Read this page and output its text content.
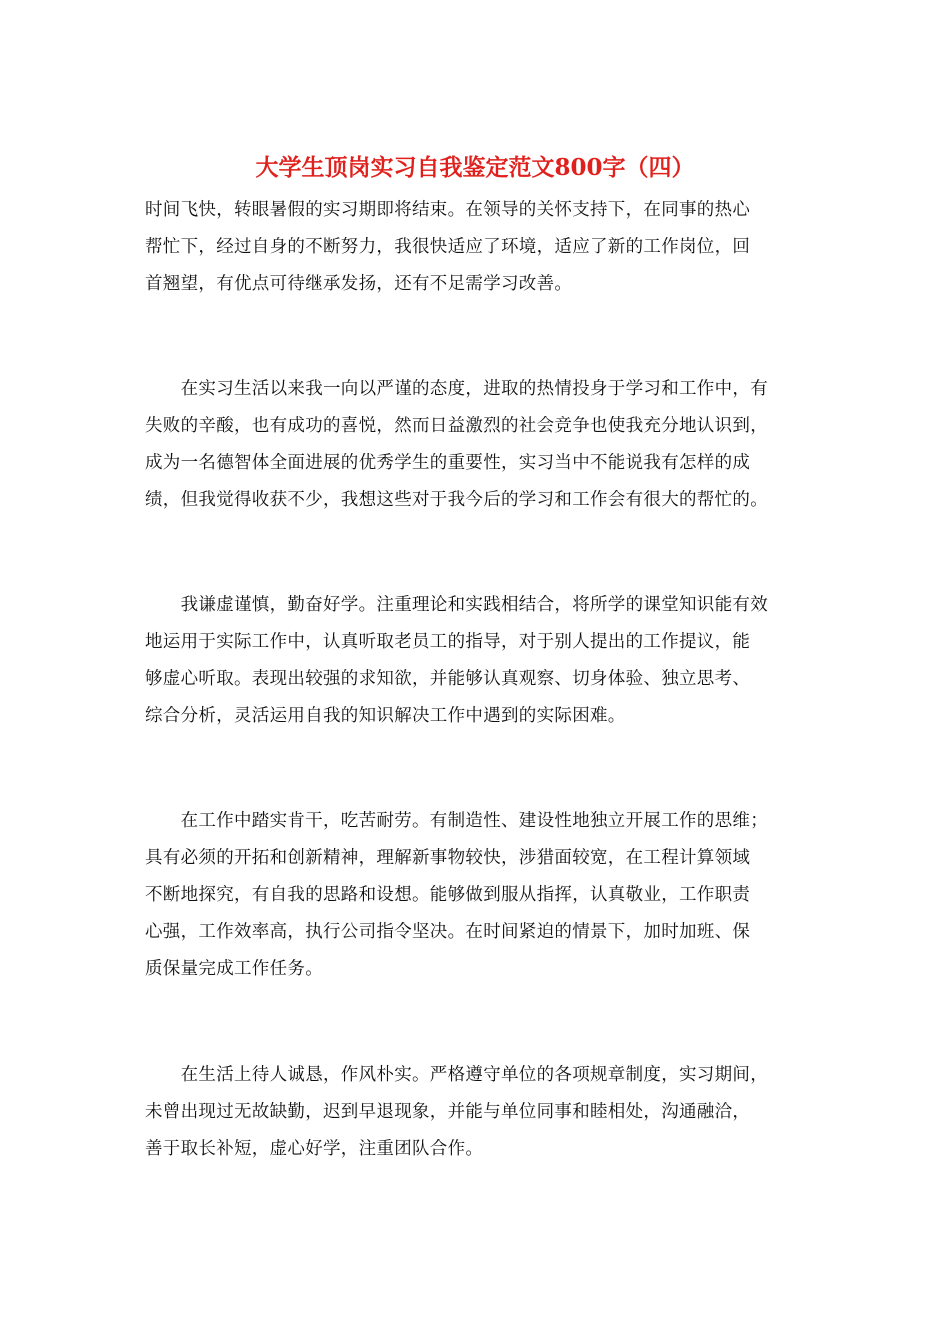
大学生顶岗实习自我鉴定范文800字（四）

时间飞快，转眼暑假的实习期即将结束。在领导的关怀支持下，在同事的热心
帮忙下，经过自身的不断努力，我很快适应了环境，适应了新的工作岗位，回
首翘望，有优点可待继承发扬，还有不足需学习改善。

　　在实习生活以来我一向以严谨的态度，进取的热情投身于学习和工作中，有
失败的辛酸，也有成功的喜悦，然而日益激烈的社会竞争也使我充分地认识到，
成为一名德智体全面进展的优秀学生的重要性，实习当中不能说我有怎样的成
绩，但我觉得收获不少，我想这些对于我今后的学习和工作会有很大的帮忙的。

　　我谦虚谨慎，勤奋好学。注重理论和实践相结合，将所学的课堂知识能有效
地运用于实际工作中，认真听取老员工的指导，对于别人提出的工作提议，能
够虚心听取。表现出较强的求知欲，并能够认真观察、切身体验、独立思考、
综合分析，灵活运用自我的知识解决工作中遇到的实际困难。

　　在工作中踏实肯干，吃苦耐劳。有制造性、建设性地独立开展工作的思维；
具有必须的开拓和创新精神，理解新事物较快，涉猎面较宽，在工程计算领域
不断地探究，有自我的思路和设想。能够做到服从指挥，认真敬业，工作职责
心强，工作效率高，执行公司指令坚决。在时间紧迫的情景下，加时加班、保
质保量完成工作任务。

　　在生活上待人诚恳，作风朴实。严格遵守单位的各项规章制度，实习期间，
未曾出现过无故缺勤，迟到早退现象，并能与单位同事和睦相处，沟通融洽，
善于取长补短，虚心好学，注重团队合作。
